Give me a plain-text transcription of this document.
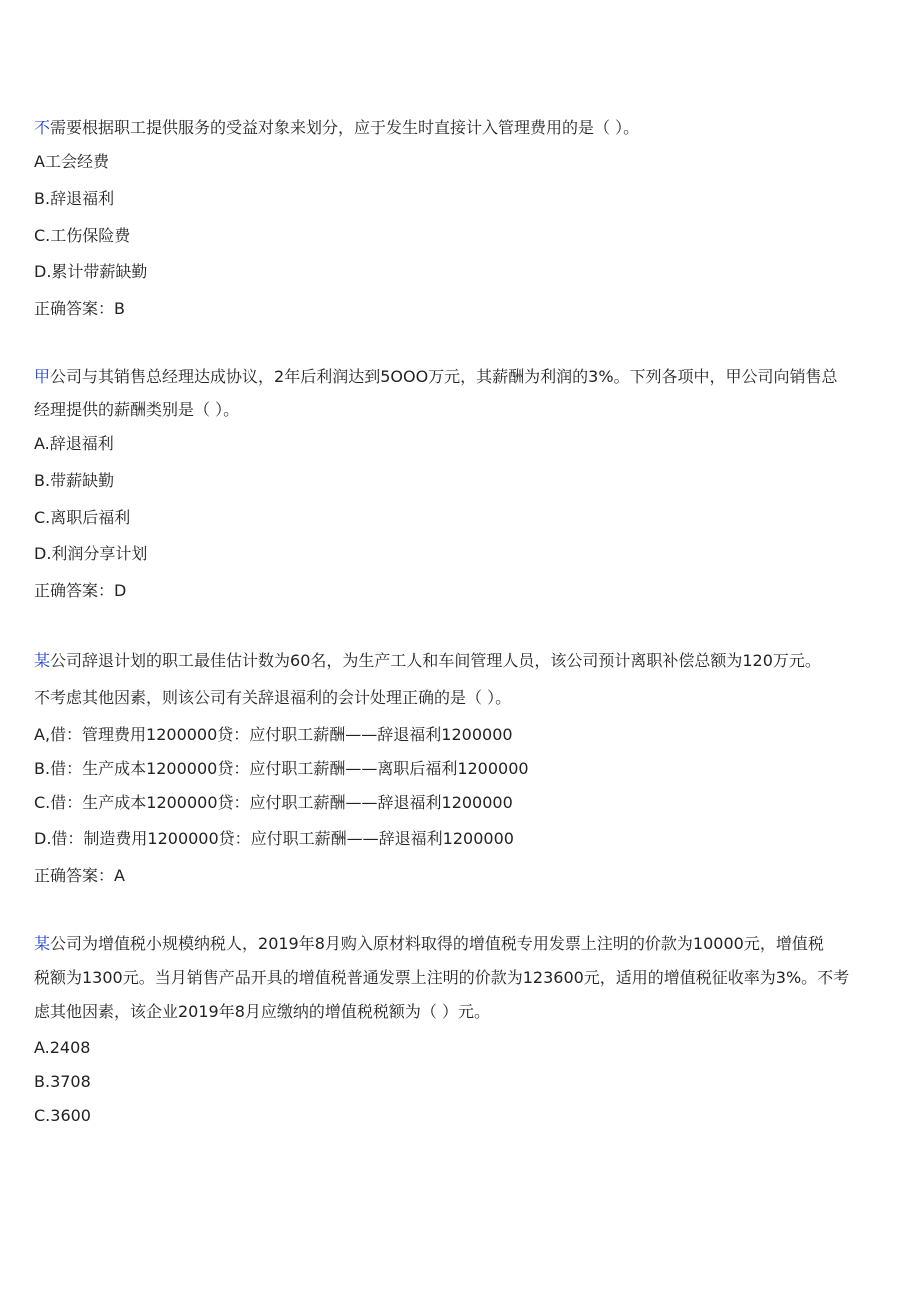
不需要根据职工提供服务的受益对象来划分，应于发生时直接计入管理费用的是（ ）。
A工会经费
B.辞退福利
C.工伤保险费
D.累计带薪缺勤
正确答案：B
甲公司与其销售总经理达成协议，2年后利润达到5OOO万元，其薪酬为利润的3%。下列各项中，甲公司向销售总
经理提供的薪酬类别是（ ）。
A.辞退福利
B.带薪缺勤
C.离职后福利
D.利润分享计划
正确答案：D
某公司辞退计划的职工最佳估计数为60名，为生产工人和车间管理人员，该公司预计离职补偿总额为120万元。
不考虑其他因素，则该公司有关辞退福利的会计处理正确的是（ ）。
A,借：管理费用1200000贷：应付职工薪酬——辞退福利1200000
B.借：生产成本1200000贷：应付职工薪酬——离职后福利1200000
C.借：生产成本1200000贷：应付职工薪酬——辞退福利1200000
D.借：制造费用1200000贷：应付职工薪酬——辞退福利1200000
正确答案：A
某公司为增值税小规模纳税人，2019年8月购入原材料取得的增值税专用发票上注明的价款为10000元，增值税
税额为1300元。当月销售产品开具的增值税普通发票上注明的价款为123600元，适用的增值税征收率为3%。不考
虑其他因素，该企业2019年8月应缴纳的增值税税额为（ ）元。
A.2408
B.3708
C.3600
